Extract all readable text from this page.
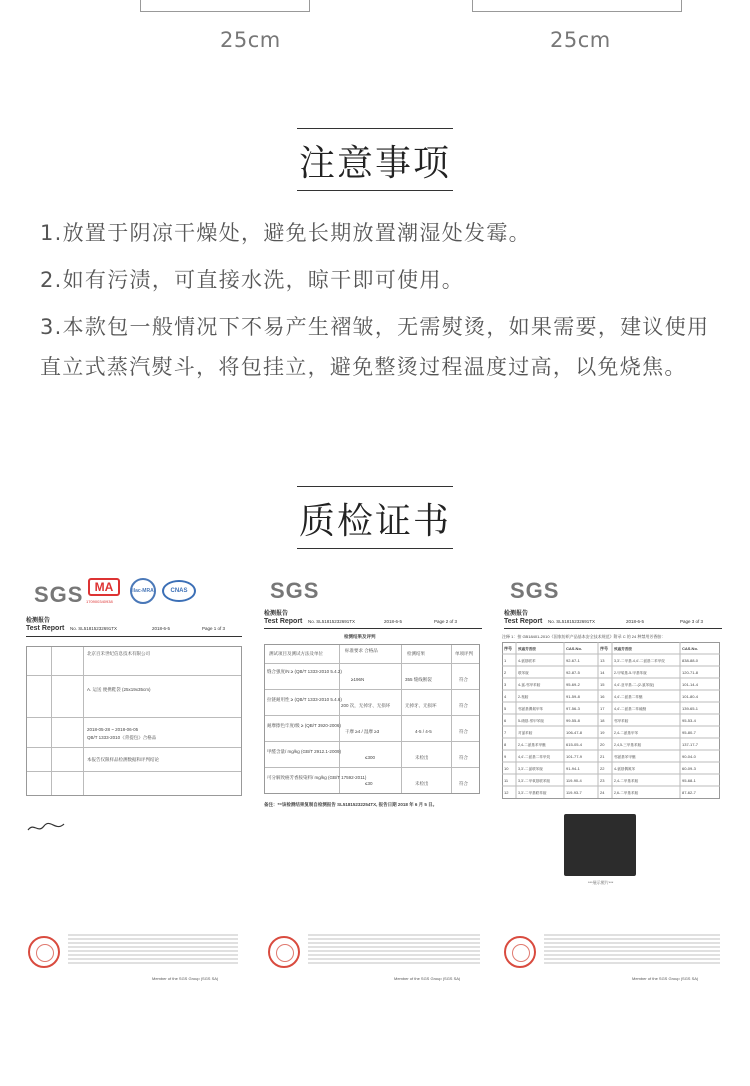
25cm	25cm
注意事项

1.放置于阴凉干燥处，避免长期放置潮湿处发霉。

2.如有污渍，可直接水洗，晾干即可使用。

3.本款包一般情况下不易产生褶皱，无需熨烫，如果需要，建议使用直立式蒸汽熨斗，将包挂立，避免整烫过程温度过高，以免烧焦。

质检证书
SGS MA
170900340938
ilac-MRA	CNAS
检测报告
Test Report No. SL51815232691TX	2018-6-5	Page 1 of 3
北京百禾世纪信息技术有限公司
A. 运送 便携鞋袋 (25x19x35cm)
2018-05-28 ~ 2018-06-05
QB/T 1333-2010《背提包》合格品
本报告仅限样品检测数据和评判结论
Member of the SGS Group (SGS SA)
SGS
检测报告
Test Report No. SL51815232691TX	2018-6-5	Page 2 of 3
检测结果及评判
测试项目及测试方法及单位
标准要求 合格品
检测结果	单项评判
缝合强度/N ≥ (QB/T 1333-2010 5.4.2)
≥196N	355 缝线断裂	符合
拉链耐用性 ≥ (QB/T 1333-2010 5.4.6)
200 次，无掉牙、无损坏	无掉牙、无损坏	符合
耐摩擦色牢度/级 ≥ (QB/T 3920-2006)
干摩 ≥4 / 湿摩 ≥3	4-5 / 4-5	符合
甲醛含量/ mg/kg (GB/T 2912.1-2009)
≤300	未检出	符合
可分解致癌芳香胺染料/ mg/kg (GB/T 17592-2011)
≤30	未检出	符合
备注：*=该检测结果复制自检测报告 SL51815232254TX, 报告日期 2018 年 6 月 5 日。
Member of the SGS Group (SGS SA)
SGS
检测报告
Test Report No. SL51815232691TX	2018-6-5	Page 3 of 3
注释 1：按 GB18401-2010《国家纺织产品基本安全技术规范》附录 C 的 24 种禁用芳香胺：
序号 致癌芳香胺	CAS.No.	序号 致癌芳香胺	CAS.No.
1	4-氨基联苯	92-67-1	13	3,3'-二甲基-4,4'-二氨基二苯甲烷	838-88-0
2	联苯胺	92-87-5	14	2-甲氧基-5-甲基苯胺	120-71-8
3	4-氯-邻甲苯胺	95-69-2	15	4,4'-亚甲基-二-(2-氯苯胺)	101-14-4
4	2-萘胺	91-59-8	16	4,4'-二氨基二苯醚	101-80-4
5	邻氨基偶氮甲苯	97-56-3	17	4,4'-二氨基二苯硫醚	139-65-1
6	5-硝基-邻甲苯胺	99-55-8	18	邻甲苯胺	95-53-4
7	对氯苯胺	106-47-8	19	2,4-二氨基甲苯	95-80-7
8	2,4-二氨基苯甲醚	615-05-4	20	2,4,5-三甲基苯胺	137-17-7
9	4,4'-二氨基二苯甲烷	101-77-9	21	邻氨基苯甲醚	90-04-0
10	3,3'-二氯联苯胺	91-94-1	22	4-氨基偶氮苯	60-09-3
11	3,3'-二甲氧基联苯胺	119-90-4	23	2,4-二甲基苯胺	95-68-1
12	3,3'-二甲基联苯胺	119-93-7	24	2,6-二甲基苯胺	87-62-7
***展示照片***
Member of the SGS Group (SGS SA)
